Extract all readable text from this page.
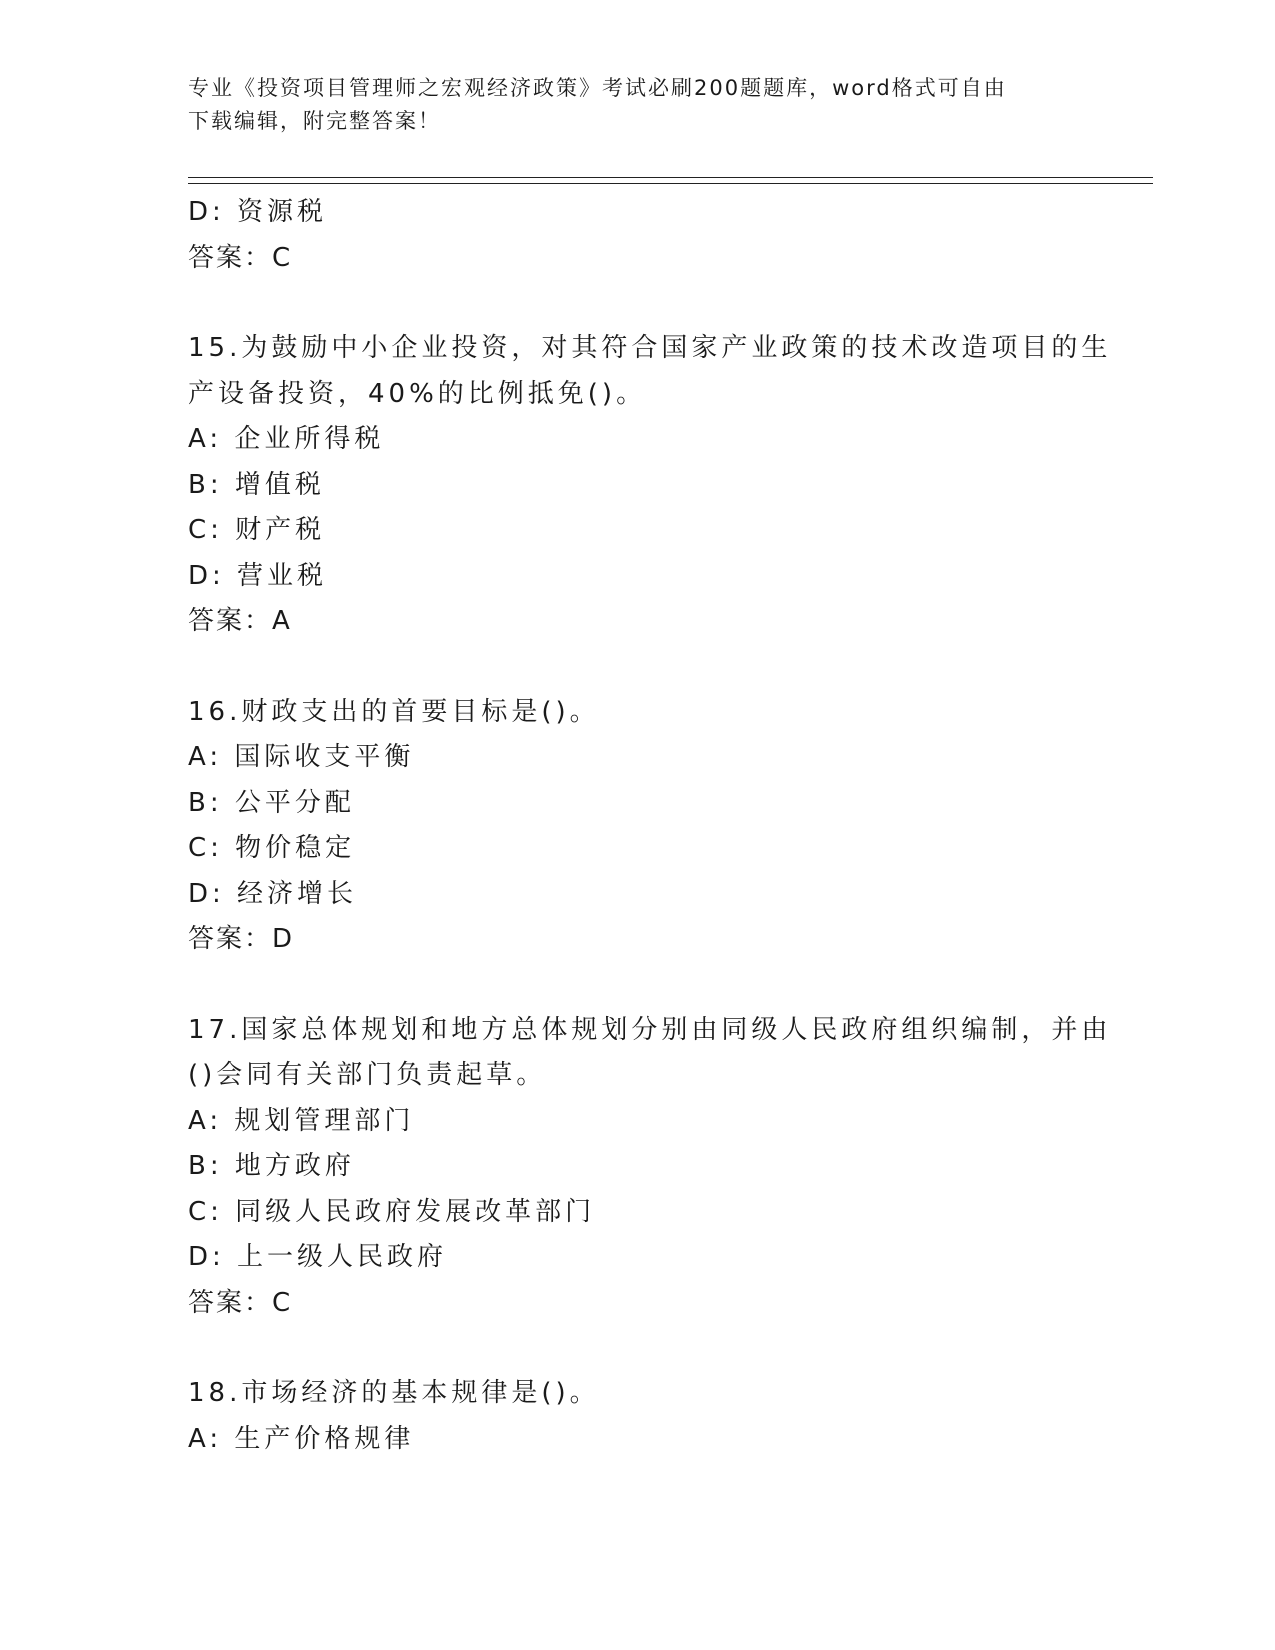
专业《投资项目管理师之宏观经济政策》考试必刷200题题库，word格式可自由
下载编辑，附完整答案！
D: 资源税
答案：C
15.为鼓励中小企业投资，对其符合国家产业政策的技术改造项目的生
产设备投资，40%的比例抵免()。
A: 企业所得税
B: 增值税
C: 财产税
D: 营业税
答案：A
16.财政支出的首要目标是()。
A: 国际收支平衡
B: 公平分配
C: 物价稳定
D: 经济增长
答案：D
17.国家总体规划和地方总体规划分别由同级人民政府组织编制，并由
()会同有关部门负责起草。
A: 规划管理部门
B: 地方政府
C: 同级人民政府发展改革部门
D: 上一级人民政府
答案：C
18.市场经济的基本规律是()。
A: 生产价格规律
